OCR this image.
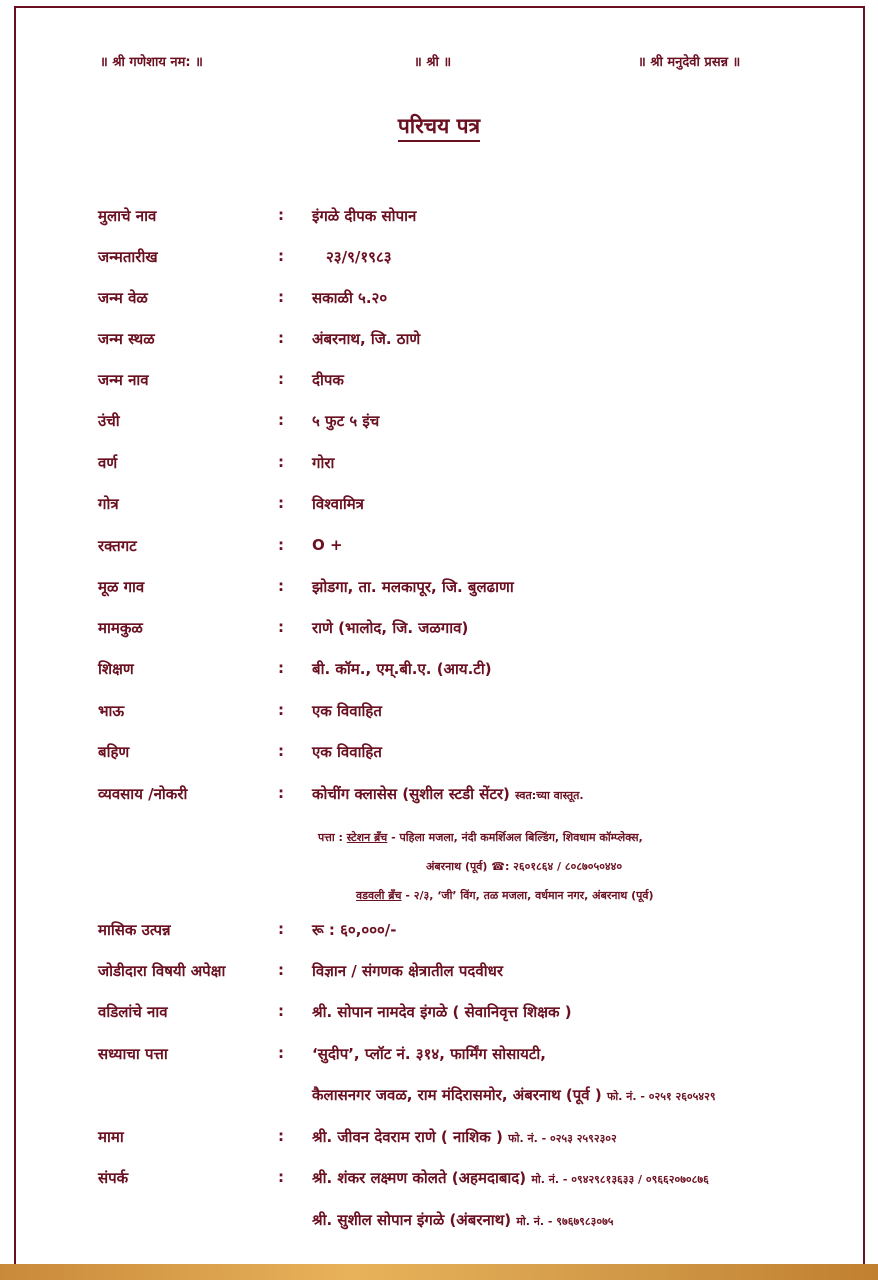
॥ श्री गणेशाय नम: ॥	॥ श्री ॥	॥ श्री मनुदेवी प्रसन्न ॥
परिचय पत्र
मुलाचे नाव	: इंगळे दीपक सोपान
जन्मतारीख	:	२३/९/१९८३
जन्म वेळ	: सकाळी ५.२०
जन्म स्थळ	: अंबरनाथ, जि. ठाणे
जन्म नाव	: दीपक
उंची	: ५ फुट ५ इंच
वर्ण	: गोरा
गोत्र	: विश्वामित्र
रक्तगट	: O +
मूळ गाव	: झोडगा, ता. मलकापूर, जि. बुलढाणा
मामकुळ	: राणे (भालोद, जि. जळगाव)
शिक्षण	: बी. कॉम., एम्.बी.ए. (आय.टी)
भाऊ	: एक विवाहित
बहिण	: एक विवाहित
व्यवसाय /नोकरी	: कोचींग क्लासेस (सुशील स्टडी सेंटर) स्वत:च्या वास्तूत.
पत्ता : स्टेशन ब्रॅंच - पहिला मजला, नंदी कमर्शिअल बिल्डिंग, शिवधाम कॉम्प्लेक्स,
अंबरनाथ (पूर्व) ☎: २६०१८६४ / ८०८७०५०४४०
वडवली ब्रॅंच - २/३, ‘जी’ विंग, तळ मजला, वर्धमान नगर, अंबरनाथ (पूर्व)
मासिक उत्पन्न	: रू : ६०,०००/-
जोडीदारा विषयी अपेक्षा	: विज्ञान / संगणक क्षेत्रातील पदवीधर
वडिलांचे नाव	: श्री. सोपान नामदेव इंगळे ( सेवानिवृत्त शिक्षक )
सध्याचा पत्ता	: ‘सुदीप’, प्लॉट नं. ३१४, फार्मिंग सोसायटी,
कैलासनगर जवळ, राम मंदिरासमोर, अंबरनाथ (पूर्व ) फो. नं. - ०२५१ २६०५४२९
मामा	: श्री. जीवन देवराम राणे ( नाशिक ) फो. नं. - ०२५३ २५९२३०२
संपर्क	: श्री. शंकर लक्ष्मण कोलते (अहमदाबाद) मो. नं. - ०९४२९८१३६३३ / ०९६६२०७०८७६
श्री. सुशील सोपान इंगळे (अंबरनाथ) मो. नं. - ९७६७९८३०७५
